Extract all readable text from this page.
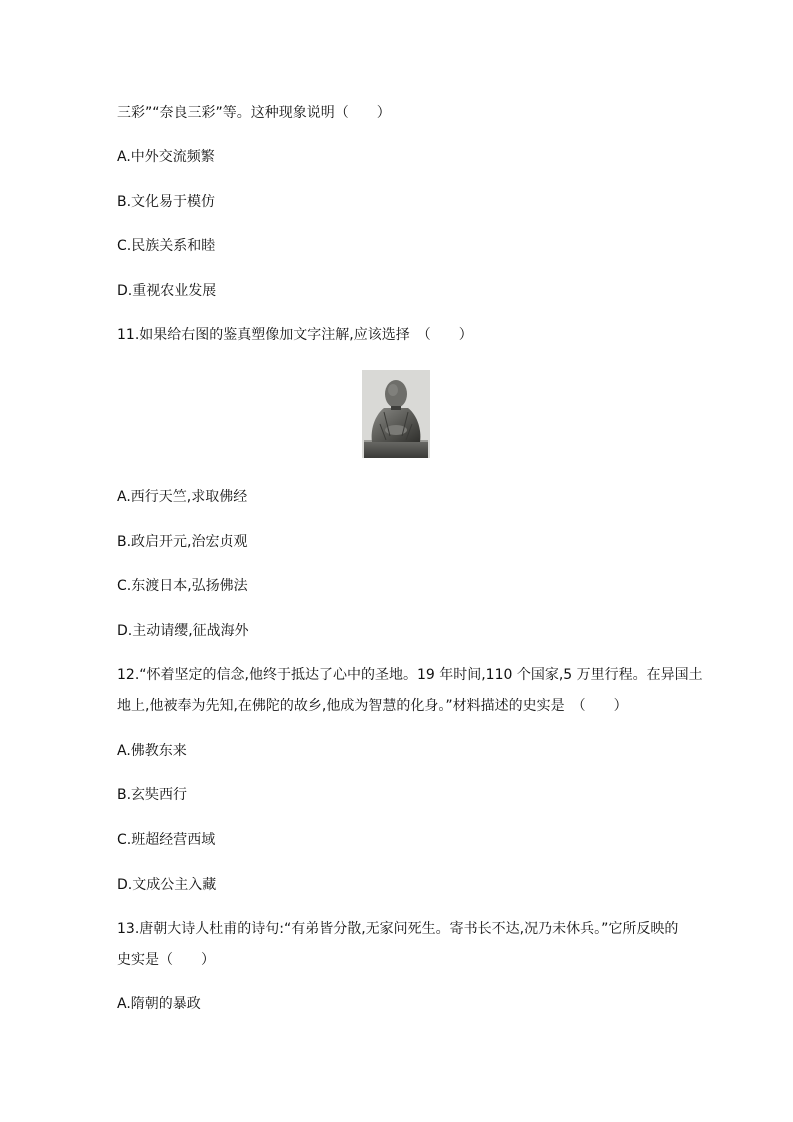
三彩”“奈良三彩”等。这种现象说明（　　）
A.中外交流频繁
B.文化易于模仿
C.民族关系和睦
D.重视农业发展
11.如果给右图的鉴真塑像加文字注解,应该选择　（　　）
A.西行天竺,求取佛经
B.政启开元,治宏贞观
C.东渡日本,弘扬佛法
D.主动请缨,征战海外
12.“怀着坚定的信念,他终于抵达了心中的圣地。19 年时间,110 个国家,5 万里行程。在异国土
地上,他被奉为先知,在佛陀的故乡,他成为智慧的化身。”材料描述的史实是　（　　）
A.佛教东来
B.玄奘西行
C.班超经营西域
D.文成公主入藏
13.唐朝大诗人杜甫的诗句:“有弟皆分散,无家问死生。寄书长不达,况乃未休兵。”它所反映的
史实是（　　）
A.隋朝的暴政
